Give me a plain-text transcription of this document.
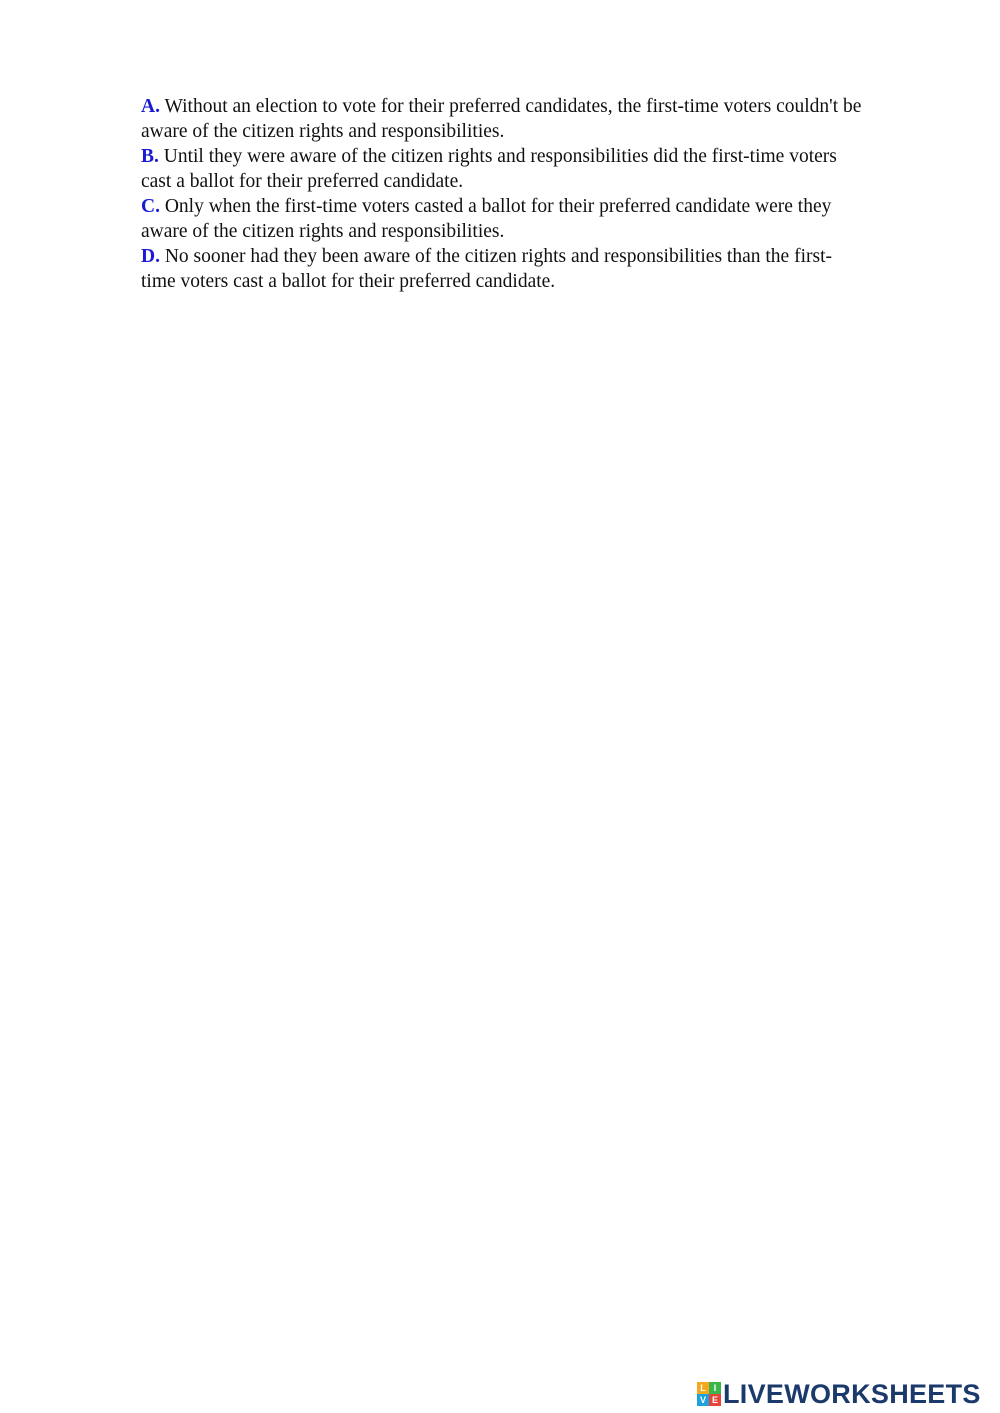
A. Without an election to vote for their preferred candidates, the first-time voters couldn't be
aware of the citizen rights and responsibilities.

B. Until they were aware of the citizen rights and responsibilities did the first-time voters
cast a ballot for their preferred candidate.

C. Only when the first-time voters casted a ballot for their preferred candidate were they
aware of the citizen rights and responsibilities.

D. No sooner had they been aware of the citizen rights and responsibilities than the first-
time voters cast a ballot for their preferred candidate.

L I
V E LIVEWORKSHEETS
